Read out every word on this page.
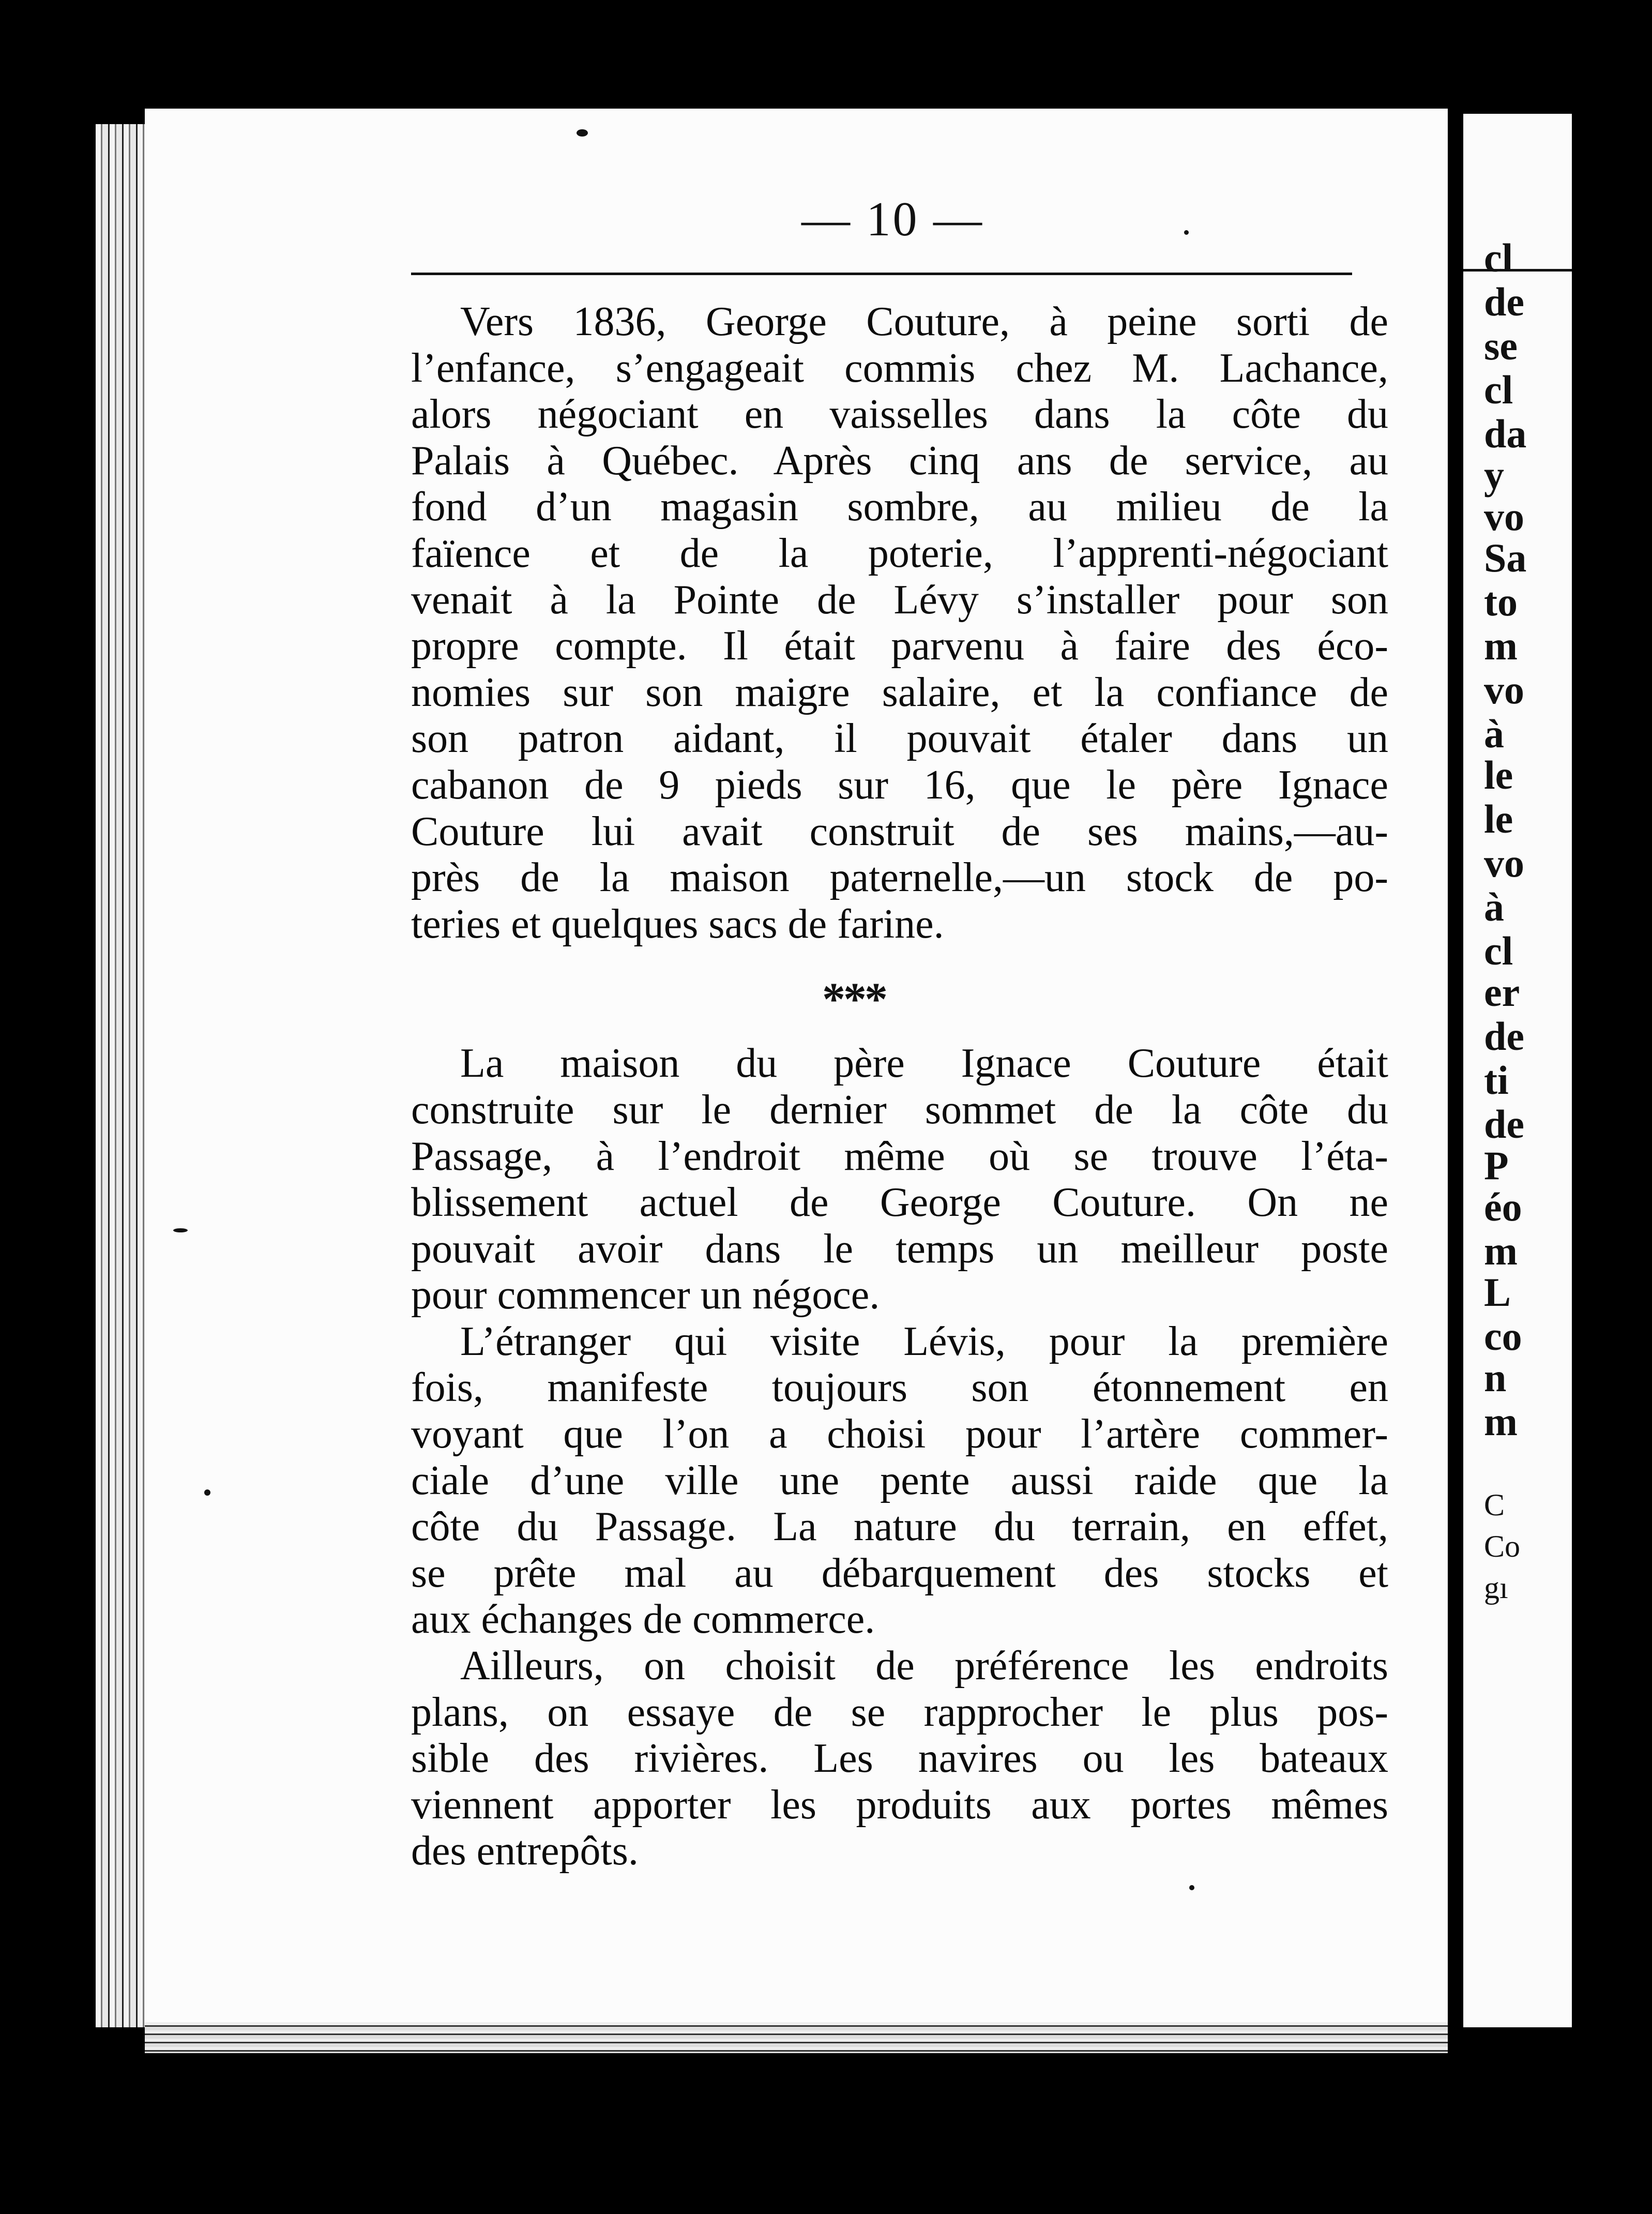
cl
de
se
cl
da
y
vo
Sa
to
m
vo
à
le
le
vo
à
cl
er
de
ti
de
P
éo
m
L
co
n
m
C
Co
gı
— 10 —
Vers 1836, George Couture, à peine sorti de
l’enfance, s’engageait commis chez M. Lachance,
alors négociant en vaisselles dans la côte du
Palais à Québec. Après cinq ans de service, au
fond d’un magasin sombre, au milieu de la
faïence et de la poterie, l’apprenti-négociant
venait à la Pointe de Lévy s’installer pour son
propre compte. Il était parvenu à faire des éco-
nomies sur son maigre salaire, et la confiance de
son patron aidant, il pouvait étaler dans un
cabanon de 9 pieds sur 16, que le père Ignace
Couture lui avait construit de ses mains,—au-
près de la maison paternelle,—un stock de po-
teries et quelques sacs de farine.
La maison du père Ignace Couture était
construite sur le dernier sommet de la côte du
Passage, à l’endroit même où se trouve l’éta-
blissement actuel de George Couture. On ne
pouvait avoir dans le temps un meilleur poste
pour commencer un négoce.
L’étranger qui visite Lévis, pour la première
fois, manifeste toujours son étonnement en
voyant que l’on a choisi pour l’artère commer-
ciale d’une ville une pente aussi raide que la
côte du Passage. La nature du terrain, en effet,
se prête mal au débarquement des stocks et
aux échanges de commerce.
Ailleurs, on choisit de préférence les endroits
plans, on essaye de se rapprocher le plus pos-
sible des rivières. Les navires ou les bateaux
viennent apporter les produits aux portes mêmes
des entrepôts.
***
